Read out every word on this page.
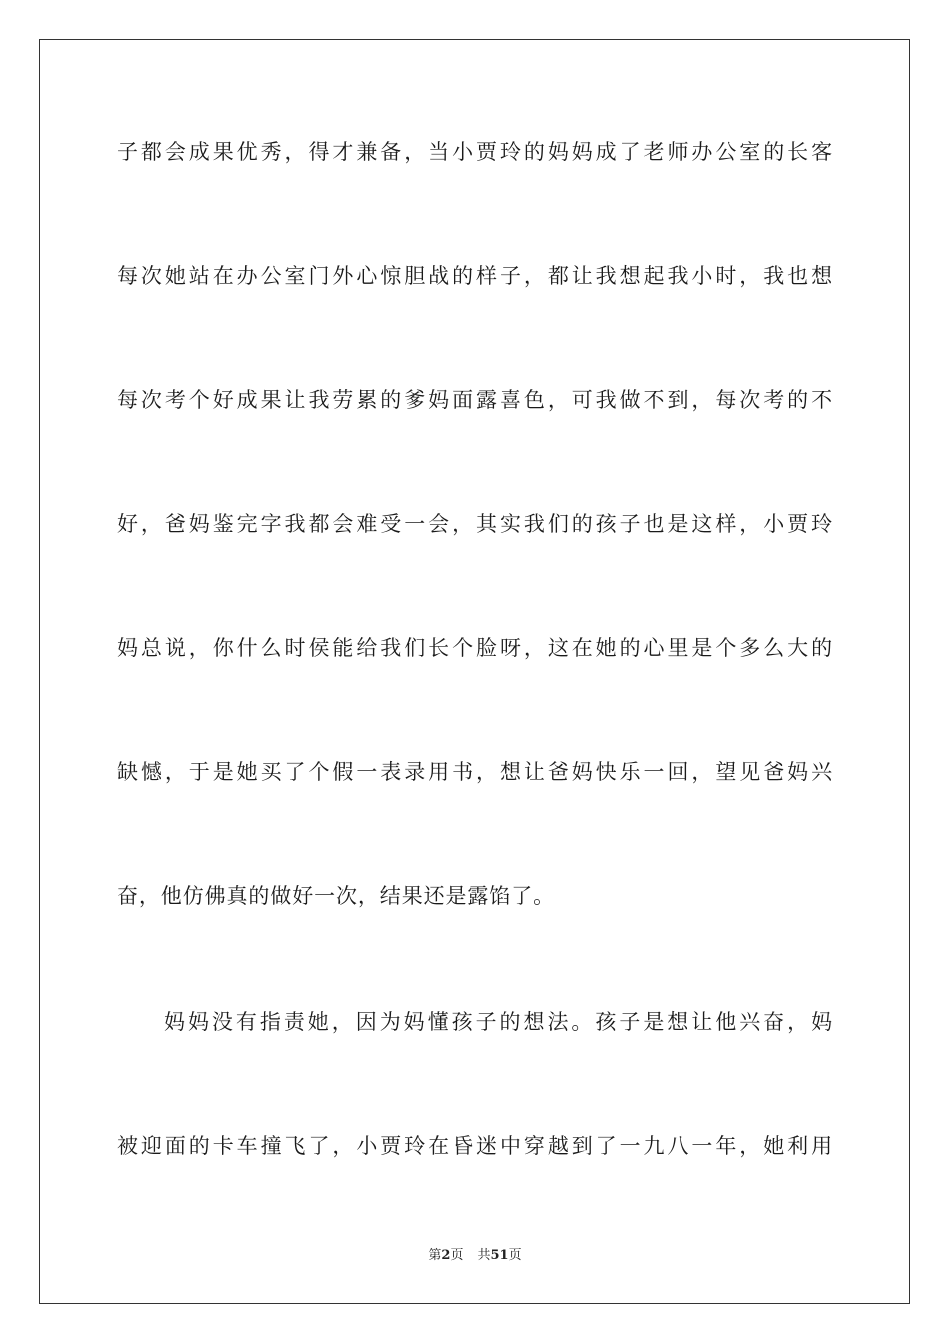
子都会成果优秀，得才兼备，当小贾玲的妈妈成了老师办公室的长客
每次她站在办公室门外心惊胆战的样子，都让我想起我小时，我也想
每次考个好成果让我劳累的爹妈面露喜色，可我做不到，每次考的不
好，爸妈鉴完字我都会难受一会，其实我们的孩子也是这样，小贾玲
妈总说，你什么时侯能给我们长个脸呀，这在她的心里是个多么大的
缺憾，于是她买了个假一表录用书，想让爸妈快乐一回，望见爸妈兴
奋，他仿佛真的做好一次，结果还是露馅了。
妈妈没有指责她，因为妈懂孩子的想法。孩子是想让他兴奋，妈
被迎面的卡车撞飞了，小贾玲在昏迷中穿越到了一九八一年，她利用
第2页 共51页
